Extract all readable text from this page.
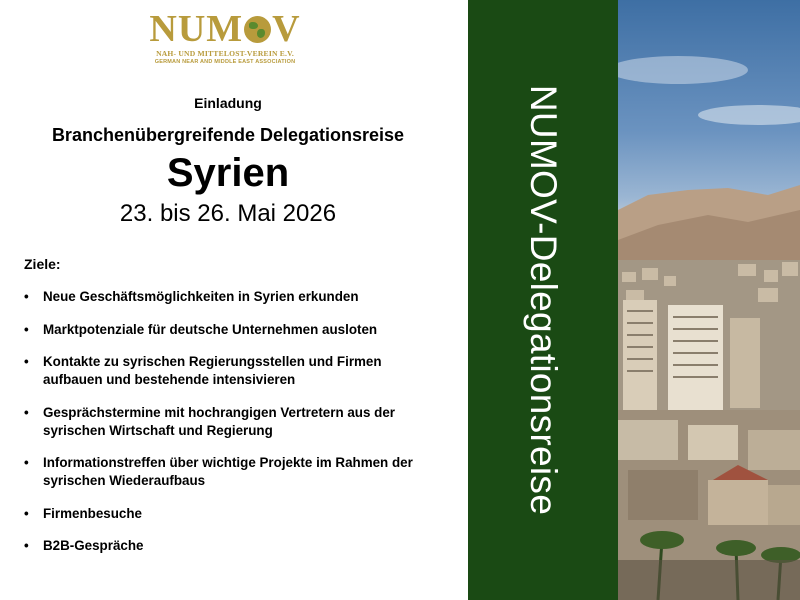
NUM V
NAH- UND MITTELOST-VEREIN E.V.
GERMAN NEAR AND MIDDLE EAST ASSOCIATION
Einladung
Branchenübergreifende Delegationsreise
Syrien
23. bis 26. Mai 2026
Ziele:
• Neue Geschäftsmöglichkeiten in Syrien erkunden
• Marktpotenziale für deutsche Unternehmen ausloten
• Kontakte zu syrischen Regierungsstellen und Firmen aufbauen und bestehende intensivieren
• Gesprächstermine mit hochrangigen Vertretern aus der syrischen Wirtschaft und Regierung
• Informationstreffen über wichtige Projekte im Rahmen der syrischen Wiederaufbaus
• Firmenbesuche
• B2B-Gespräche
NUMOV-Delegationsreise
